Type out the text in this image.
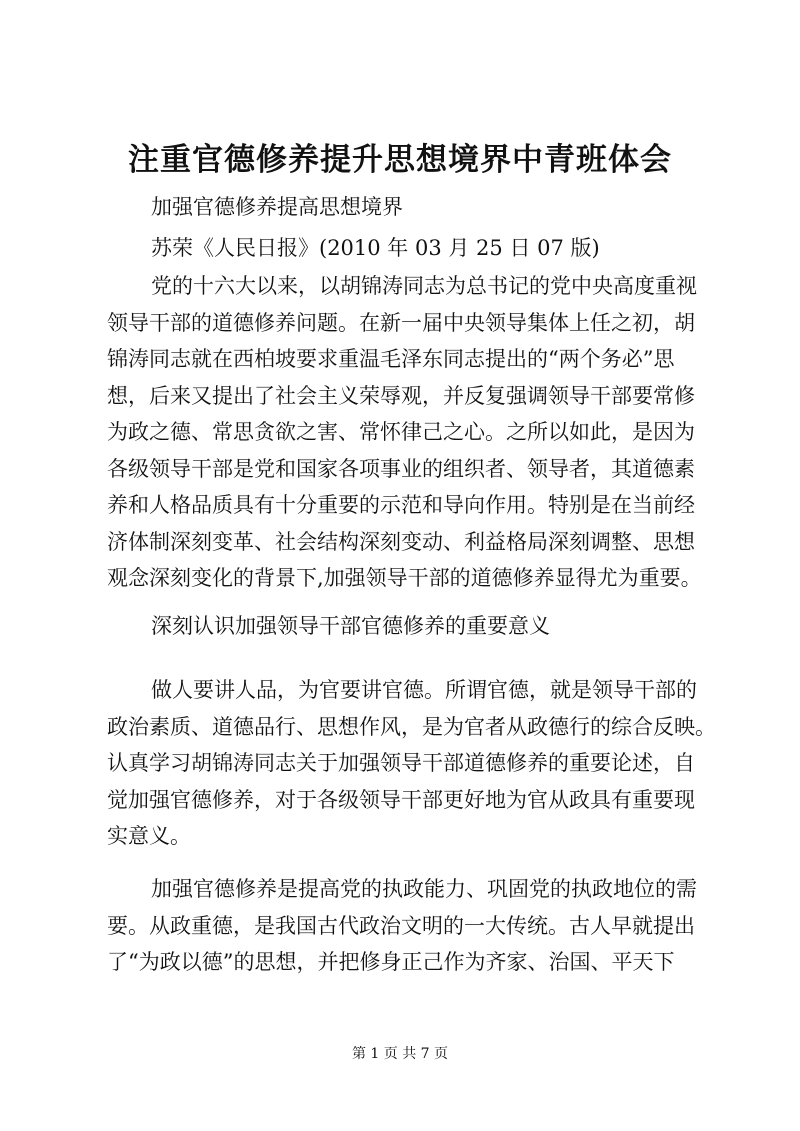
注重官德修养提升思想境界中青班体会
加强官德修养提高思想境界
苏荣《人民日报》(2010 年 03 月 25 日 07 版)
党的十六大以来，以胡锦涛同志为总书记的党中央高度重视
领导干部的道德修养问题。在新一届中央领导集体上任之初，胡
锦涛同志就在西柏坡要求重温毛泽东同志提出的“两个务必”思
想，后来又提出了社会主义荣辱观，并反复强调领导干部要常修
为政之德、常思贪欲之害、常怀律己之心。之所以如此，是因为
各级领导干部是党和国家各项事业的组织者、领导者，其道德素
养和人格品质具有十分重要的示范和导向作用。特别是在当前经
济体制深刻变革、社会结构深刻变动、利益格局深刻调整、思想
观念深刻变化的背景下,加强领导干部的道德修养显得尤为重要。
深刻认识加强领导干部官德修养的重要意义
做人要讲人品，为官要讲官德。所谓官德，就是领导干部的
政治素质、道德品行、思想作风，是为官者从政德行的综合反映。
认真学习胡锦涛同志关于加强领导干部道德修养的重要论述，自
觉加强官德修养，对于各级领导干部更好地为官从政具有重要现
实意义。
加强官德修养是提高党的执政能力、巩固党的执政地位的需
要。从政重德，是我国古代政治文明的一大传统。古人早就提出
了“为政以德”的思想，并把修身正己作为齐家、治国、平天下
第 1 页 共 7 页
